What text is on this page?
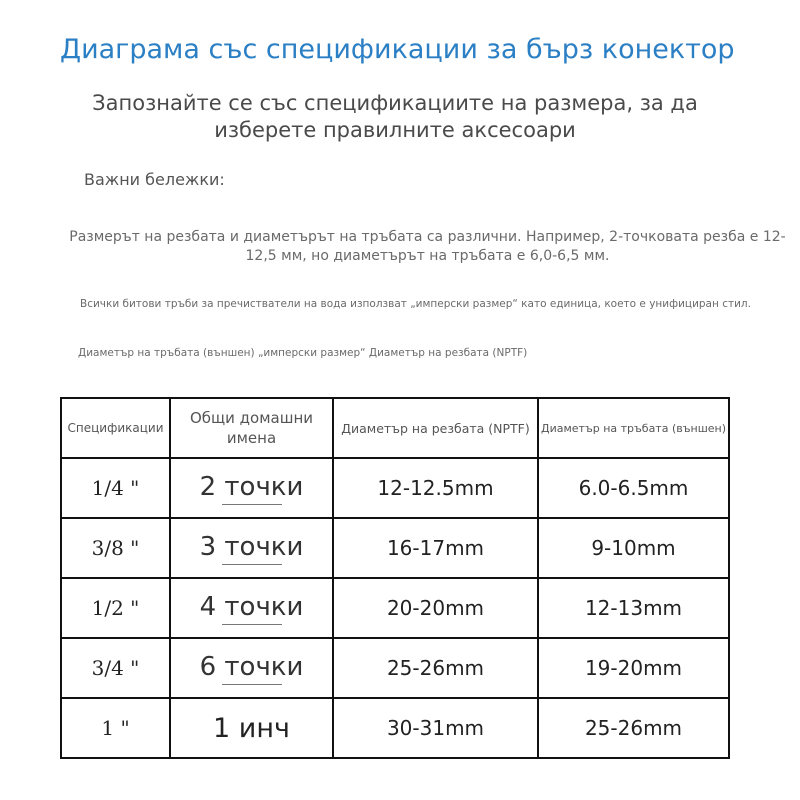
Диаграма със спецификации за бърз конектор
Запознайте се със спецификациите на размера, за да изберете правилните аксесоари
Важни бележки:
Размерът на резбата и диаметърът на тръбата са различни. Например, 2-точковата резба е 12-12,5 мм, но диаметърът на тръбата е 6,0-6,5 мм.
Всички битови тръби за пречистватели на вода използват „имперски размер“ като единица, което е унифициран стил.
Диаметър на тръбата (външен) „имперски размер“ Диаметър на резбата (NPTF)
Спецификации	Общи домашни имена	Диаметър на резбата (NPTF)	Диаметър на тръбата (външен)
1/4 "	2 точки	12-12.5mm	6.0-6.5mm
3/8 "	3 точки	16-17mm	9-10mm
1/2 "	4 точки	20-20mm	12-13mm
3/4 "	6 точки	25-26mm	19-20mm
1 "	1 инч	30-31mm	25-26mm
